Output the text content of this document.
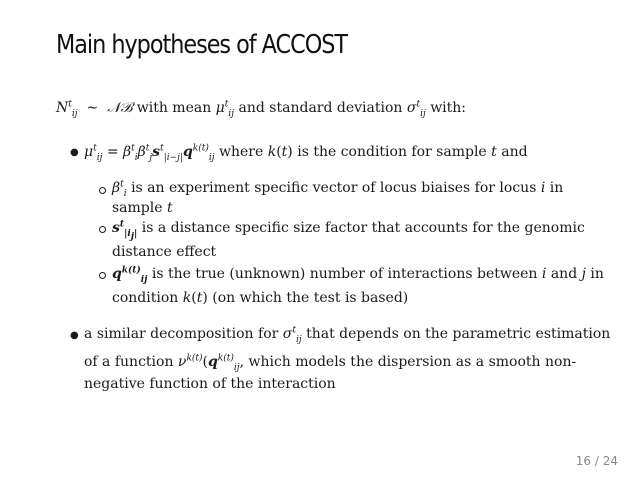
Main hypotheses of ACCOST
$N^t_{ij}$  ∼  𝒩ℬ with mean $\mu^t_{ij}$ and standard deviation $\sigma^t_{ij}$ with:
● $\mu^t_{ij} = \beta^t_i\beta^t_js^t_{|i-j|}q^{k(t)}_{ij}$ where k(t) is the condition for sample t and
$\beta^t_i$ is an experiment specific vector of locus biaises for locus i in
sample t
$s^t_{|i_j|}$ is a distance specific size factor that accounts for the genomic
distance effect
$q^{k(t)}_{ij}$ is the true (unknown) number of interactions between i and j in
condition k(t) (on which the test is based)
● a similar decomposition for $\sigma^t_{ij}$ that depends on the parametric estimation
of a function $\nu^{k(t)}(q^{k(t)}_{ij}$, which models the dispersion as a smooth non-
negative function of the interaction
16 / 24
